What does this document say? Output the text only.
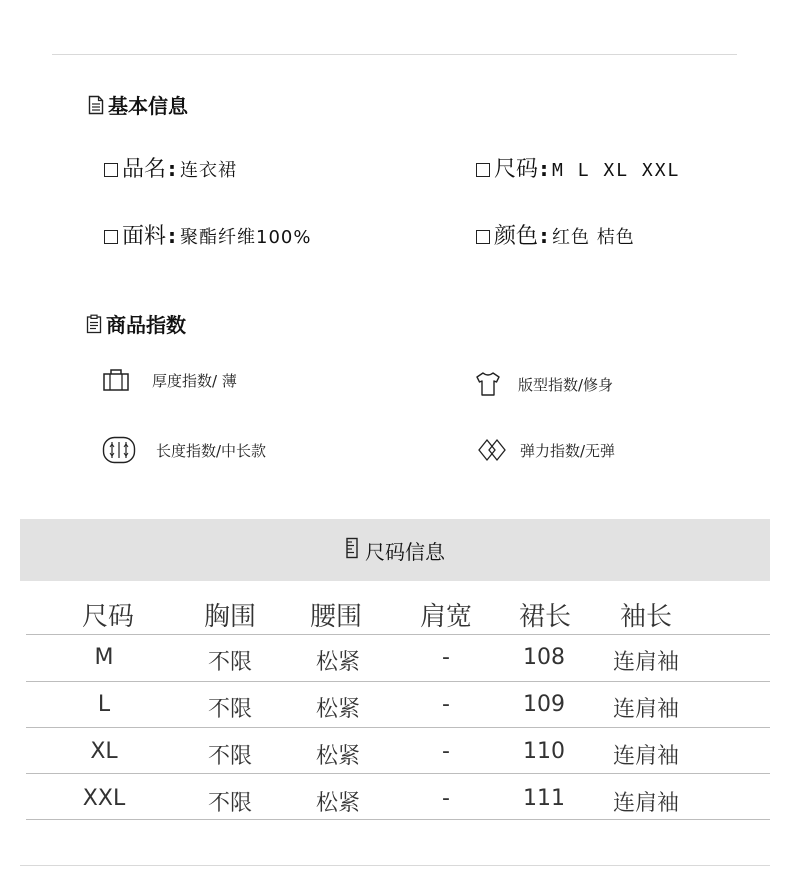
基本信息
品名 : 连衣裙	尺码 : M L XL XXL
面料 : 聚酯纤维100%	颜色 : 红色 桔色
商品指数
厚度指数/ 薄	版型指数/修身
长度指数/中长款	弹力指数/无弹
尺码信息
尺码	胸围	腰围	肩宽	裙长	袖长
M	不限	松紧	-	108	连肩袖
L	不限	松紧	-	109	连肩袖
XL	不限	松紧	-	110	连肩袖
XXL	不限	松紧	-	111	连肩袖
